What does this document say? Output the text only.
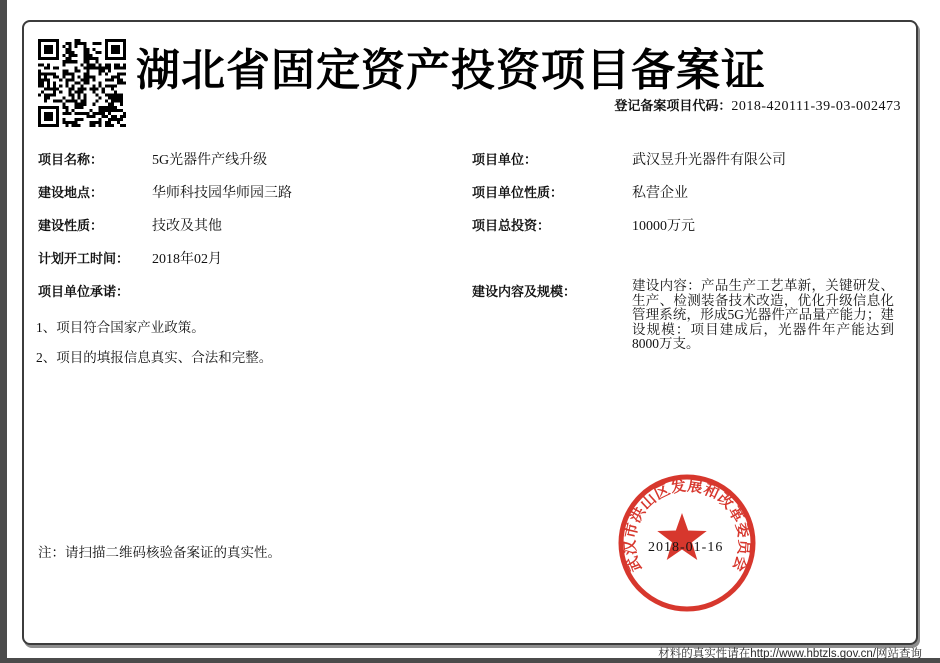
湖北省固定资产投资项目备案证
登记备案项目代码：2018-420111-39-03-002473
项目名称：	5G光器件产线升级
建设地点：	华师科技园华师园三路
建设性质：	技改及其他
计划开工时间： 2018年02月
项目单位：	武汉昱升光器件有限公司
项目单位性质：	私营企业
项目总投资：	10000万元
项目单位承诺：
1、项目符合国家产业政策。
2、项目的填报信息真实、合法和完整。
建设内容及规模：	建设内容：产品生产工艺革新，关键研发、生产、检测装备技术改造，优化升级信息化管理系统，形成5G光器件产品量产能力；建设规模：项目建成后，光器件年产能达到8000万支。
注：请扫描二维码核验备案证的真实性。
武汉市洪山区发展和改革委员会
2018-01-16
材料的真实性请在http://www.hbtzls.gov.cn/网站查询
